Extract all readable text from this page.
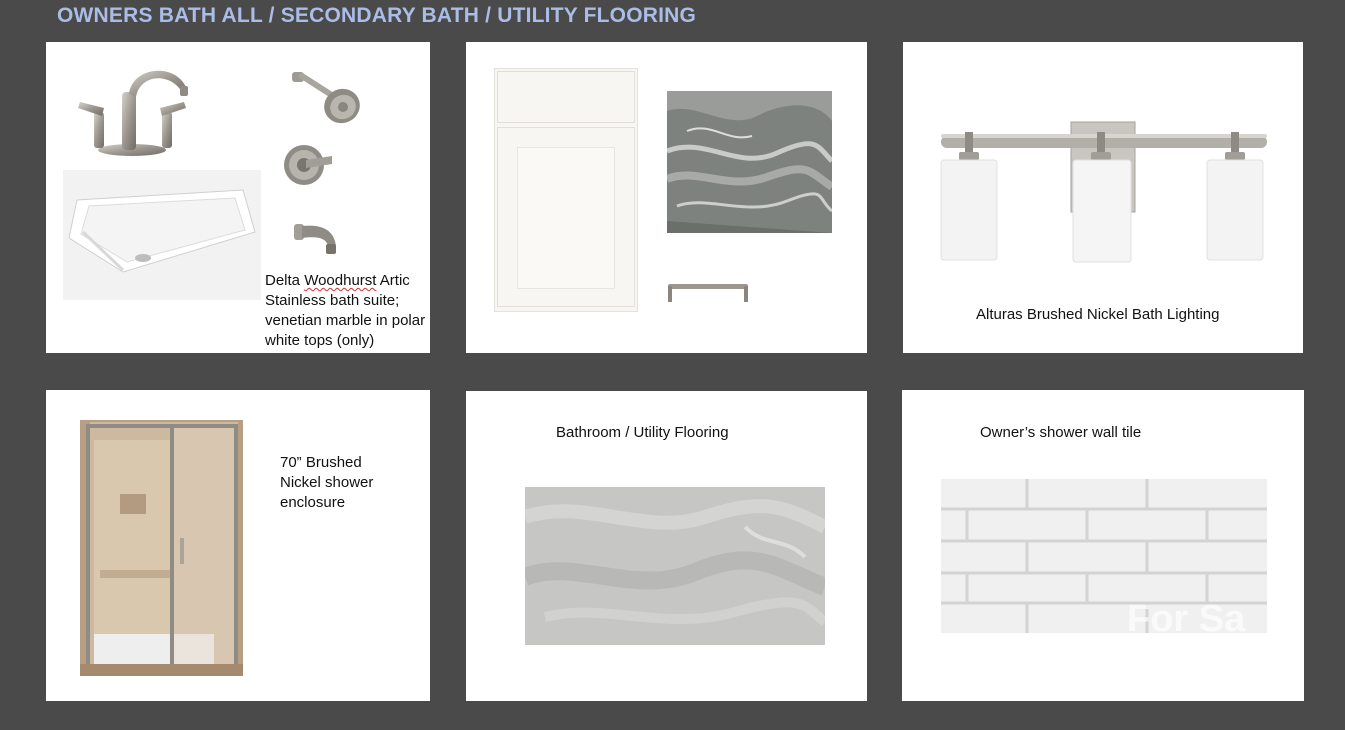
OWNERS BATH ALL / SECONDARY BATH / UTILITY FLOORING
Delta Woodhurst Artic Stainless bath suite; venetian marble in polar white tops (only)
Alturas Brushed Nickel Bath Lighting
70” Brushed Nickel shower enclosure
Bathroom / Utility Flooring	Owner’s shower wall tile
For Sa
